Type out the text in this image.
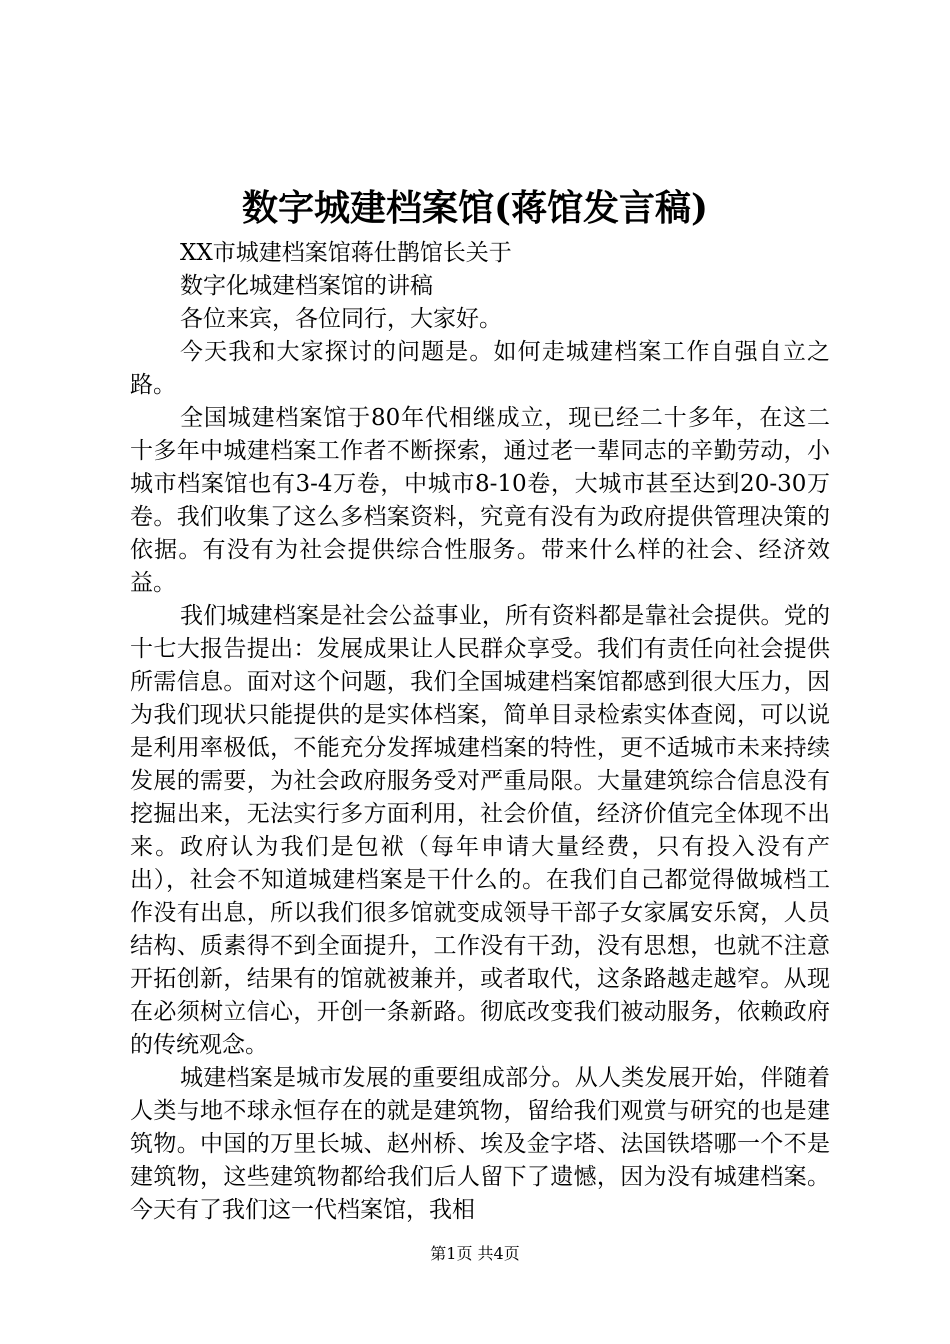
数字城建档案馆(蒋馆发言稿)

XX市城建档案馆蒋仕鹊馆长关于

数字化城建档案馆的讲稿

各位来宾，各位同行，大家好。

今天我和大家探讨的问题是。如何走城建档案工作自强自立之路。

全国城建档案馆于80年代相继成立，现已经二十多年，在这二十多年中城建档案工作者不断探索，通过老一辈同志的辛勤劳动，小城市档案馆也有3-4万卷，中城市8-10卷，大城市甚至达到20-30万卷。我们收集了这么多档案资料，究竟有没有为政府提供管理决策的依据。有没有为社会提供综合性服务。带来什么样的社会、经济效益。

我们城建档案是社会公益事业，所有资料都是靠社会提供。党的十七大报告提出：发展成果让人民群众享受。我们有责任向社会提供所需信息。面对这个问题，我们全国城建档案馆都感到很大压力，因为我们现状只能提供的是实体档案，简单目录检索实体查阅，可以说是利用率极低，不能充分发挥城建档案的特性，更不适城市未来持续发展的需要，为社会政府服务受对严重局限。大量建筑综合信息没有挖掘出来，无法实行多方面利用，社会价值，经济价值完全体现不出来。政府认为我们是包袱（每年申请大量经费，只有投入没有产出），社会不知道城建档案是干什么的。在我们自己都觉得做城档工作没有出息，所以我们很多馆就变成领导干部子女家属安乐窝，人员结构、质素得不到全面提升，工作没有干劲，没有思想，也就不注意开拓创新，结果有的馆就被兼并，或者取代，这条路越走越窄。从现在必须树立信心，开创一条新路。彻底改变我们被动服务，依赖政府的传统观念。

城建档案是城市发展的重要组成部分。从人类发展开始，伴随着人类与地不球永恒存在的就是建筑物，留给我们观赏与研究的也是建筑物。中国的万里长城、赵州桥、埃及金字塔、法国铁塔哪一个不是建筑物，这些建筑物都给我们后人留下了遗憾，因为没有城建档案。今天有了我们这一代档案馆，我相

第1页 共4页
